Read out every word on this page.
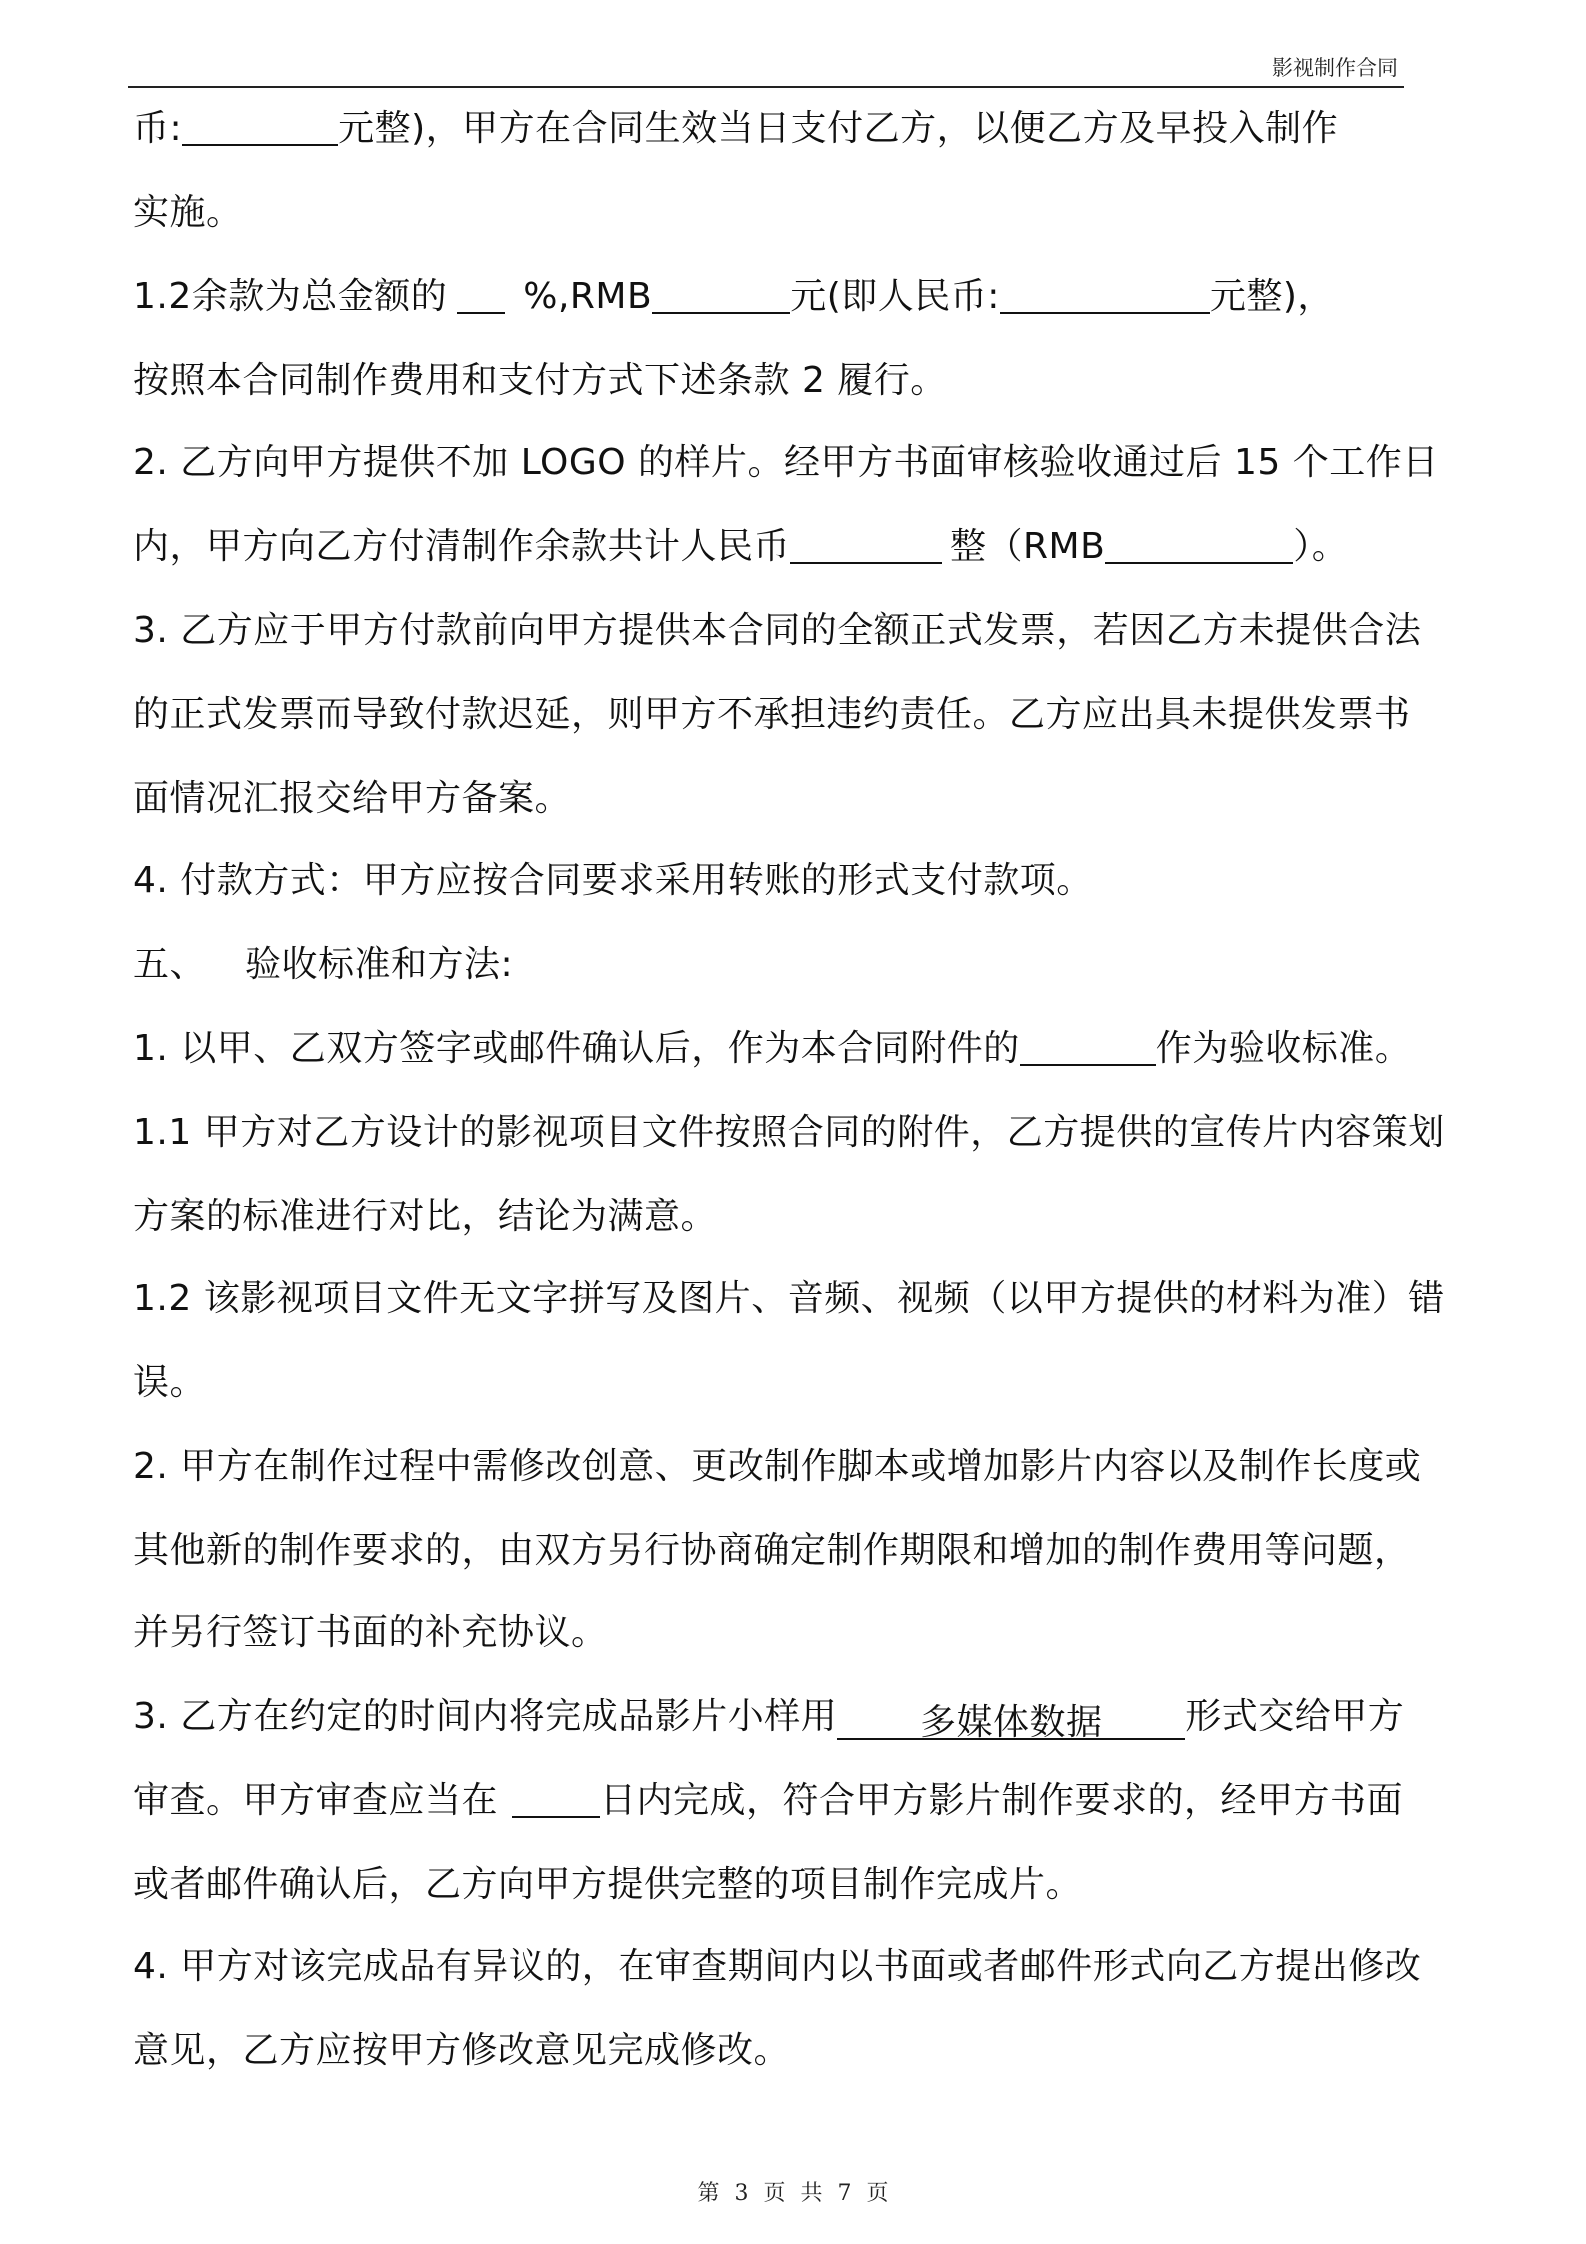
影视制作合同
币:	元整)，甲方在合同生效当日支付乙方，以便乙方及早投入制作
实施。
1.2余款为总金额的 %,RMB	元(即人民币:	元整)，
按照本合同制作费用和支付方式下述条款 2 履行。
2. 乙方向甲方提供不加 LOGO 的样片。经甲方书面审核验收通过后 15 个工作日
内，甲方向乙方付清制作余款共计人民币	整（RMB	）。
3. 乙方应于甲方付款前向甲方提供本合同的全额正式发票，若因乙方未提供合法
的正式发票而导致付款迟延，则甲方不承担违约责任。乙方应出具未提供发票书
面情况汇报交给甲方备案。
4. 付款方式：甲方应按合同要求采用转账的形式支付款项。
五、 验收标准和方法:
1. 以甲、乙双方签字或邮件确认后，作为本合同附件的	作为验收标准。
1.1 甲方对乙方设计的影视项目文件按照合同的附件，乙方提供的宣传片内容策划
方案的标准进行对比，结论为满意。
1.2 该影视项目文件无文字拼写及图片、音频、视频（以甲方提供的材料为准）错
误。
2. 甲方在制作过程中需修改创意、更改制作脚本或增加影片内容以及制作长度或
其他新的制作要求的，由双方另行协商确定制作期限和增加的制作费用等问题，
并另行签订书面的补充协议。
3. 乙方在约定的时间内将完成品影片小样用 多媒体数据 形式交给甲方
审查。甲方审查应当在	日内完成，符合甲方影片制作要求的，经甲方书面
或者邮件确认后，乙方向甲方提供完整的项目制作完成片。
4. 甲方对该完成品有异议的，在审查期间内以书面或者邮件形式向乙方提出修改
意见，乙方应按甲方修改意见完成修改。
第 3 页 共 7 页
